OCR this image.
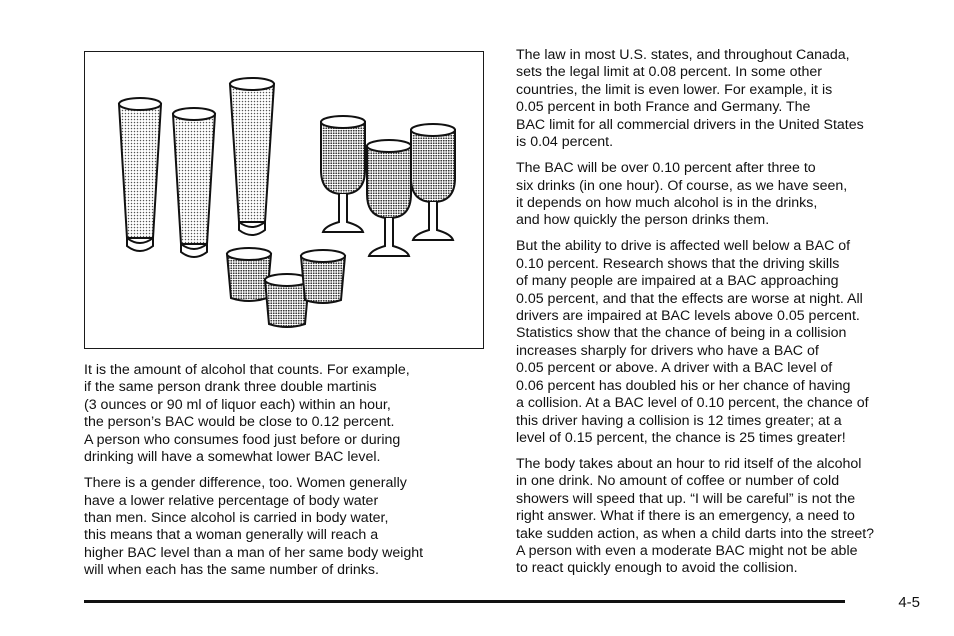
It is the amount of alcohol that counts. For example,
if the same person drank three double martinis
(3 ounces or 90 ml of liquor each) within an hour,
the person’s BAC would be close to 0.12 percent.
A person who consumes food just before or during
drinking will have a somewhat lower BAC level.

There is a gender difference, too. Women generally
have a lower relative percentage of body water
than men. Since alcohol is carried in body water,
this means that a woman generally will reach a
higher BAC level than a man of her same body weight
will when each has the same number of drinks.

The law in most U.S. states, and throughout Canada,
sets the legal limit at 0.08 percent. In some other
countries, the limit is even lower. For example, it is
0.05 percent in both France and Germany. The
BAC limit for all commercial drivers in the United States
is 0.04 percent.

The BAC will be over 0.10 percent after three to
six drinks (in one hour). Of course, as we have seen,
it depends on how much alcohol is in the drinks,
and how quickly the person drinks them.

But the ability to drive is affected well below a BAC of
0.10 percent. Research shows that the driving skills
of many people are impaired at a BAC approaching
0.05 percent, and that the effects are worse at night. All
drivers are impaired at BAC levels above 0.05 percent.
Statistics show that the chance of being in a collision
increases sharply for drivers who have a BAC of
0.05 percent or above. A driver with a BAC level of
0.06 percent has doubled his or her chance of having
a collision. At a BAC level of 0.10 percent, the chance of
this driver having a collision is 12 times greater; at a
level of 0.15 percent, the chance is 25 times greater!

The body takes about an hour to rid itself of the alcohol
in one drink. No amount of coffee or number of cold
showers will speed that up. “I will be careful” is not the
right answer. What if there is an emergency, a need to
take sudden action, as when a child darts into the street?
A person with even a moderate BAC might not be able
to react quickly enough to avoid the collision.

4-5
